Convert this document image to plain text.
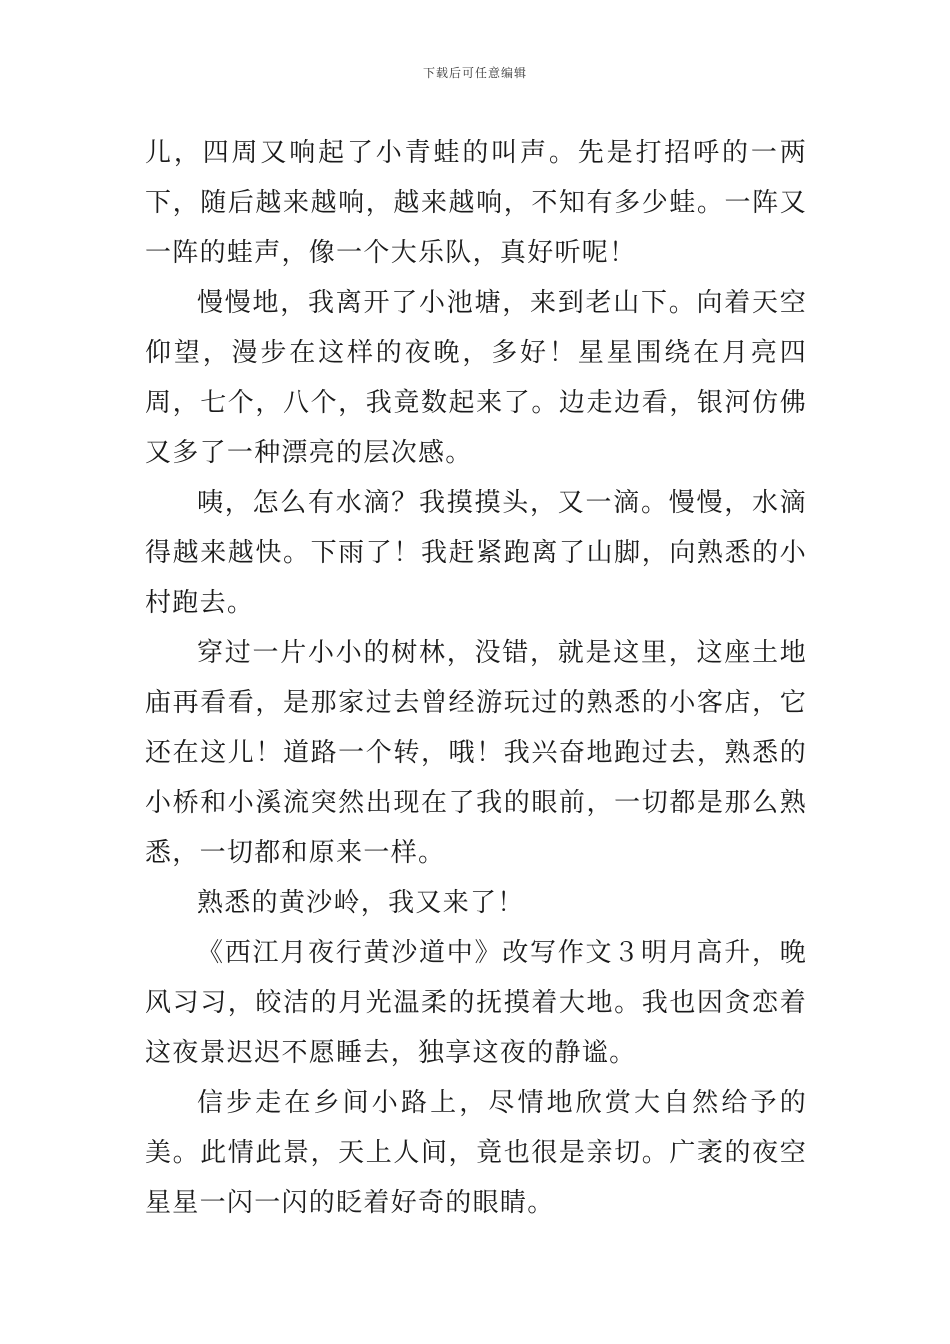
下载后可任意编辑

儿，四周又响起了小青蛙的叫声。先是打招呼的一两下，随后越来越响，越来越响，不知有多少蛙。一阵又一阵的蛙声，像一个大乐队，真好听呢！

慢慢地，我离开了小池塘，来到老山下。向着天空仰望，漫步在这样的夜晚，多好！星星围绕在月亮四周，七个，八个，我竟数起来了。边走边看，银河仿佛又多了一种漂亮的层次感。

咦，怎么有水滴？我摸摸头，又一滴。慢慢，水滴得越来越快。下雨了！我赶紧跑离了山脚，向熟悉的小村跑去。

穿过一片小小的树林，没错，就是这里，这座土地庙再看看，是那家过去曾经游玩过的熟悉的小客店，它还在这儿！道路一个转，哦！我兴奋地跑过去，熟悉的小桥和小溪流突然出现在了我的眼前，一切都是那么熟悉，一切都和原来一样。

熟悉的黄沙岭，我又来了！

《西江月夜行黄沙道中》改写作文３明月高升，晚风习习，皎洁的月光温柔的抚摸着大地。我也因贪恋着这夜景迟迟不愿睡去，独享这夜的静谧。

信步走在乡间小路上，尽情地欣赏大自然给予的美。此情此景，天上人间，竟也很是亲切。广袤的夜空星星一闪一闪的眨着好奇的眼睛。
